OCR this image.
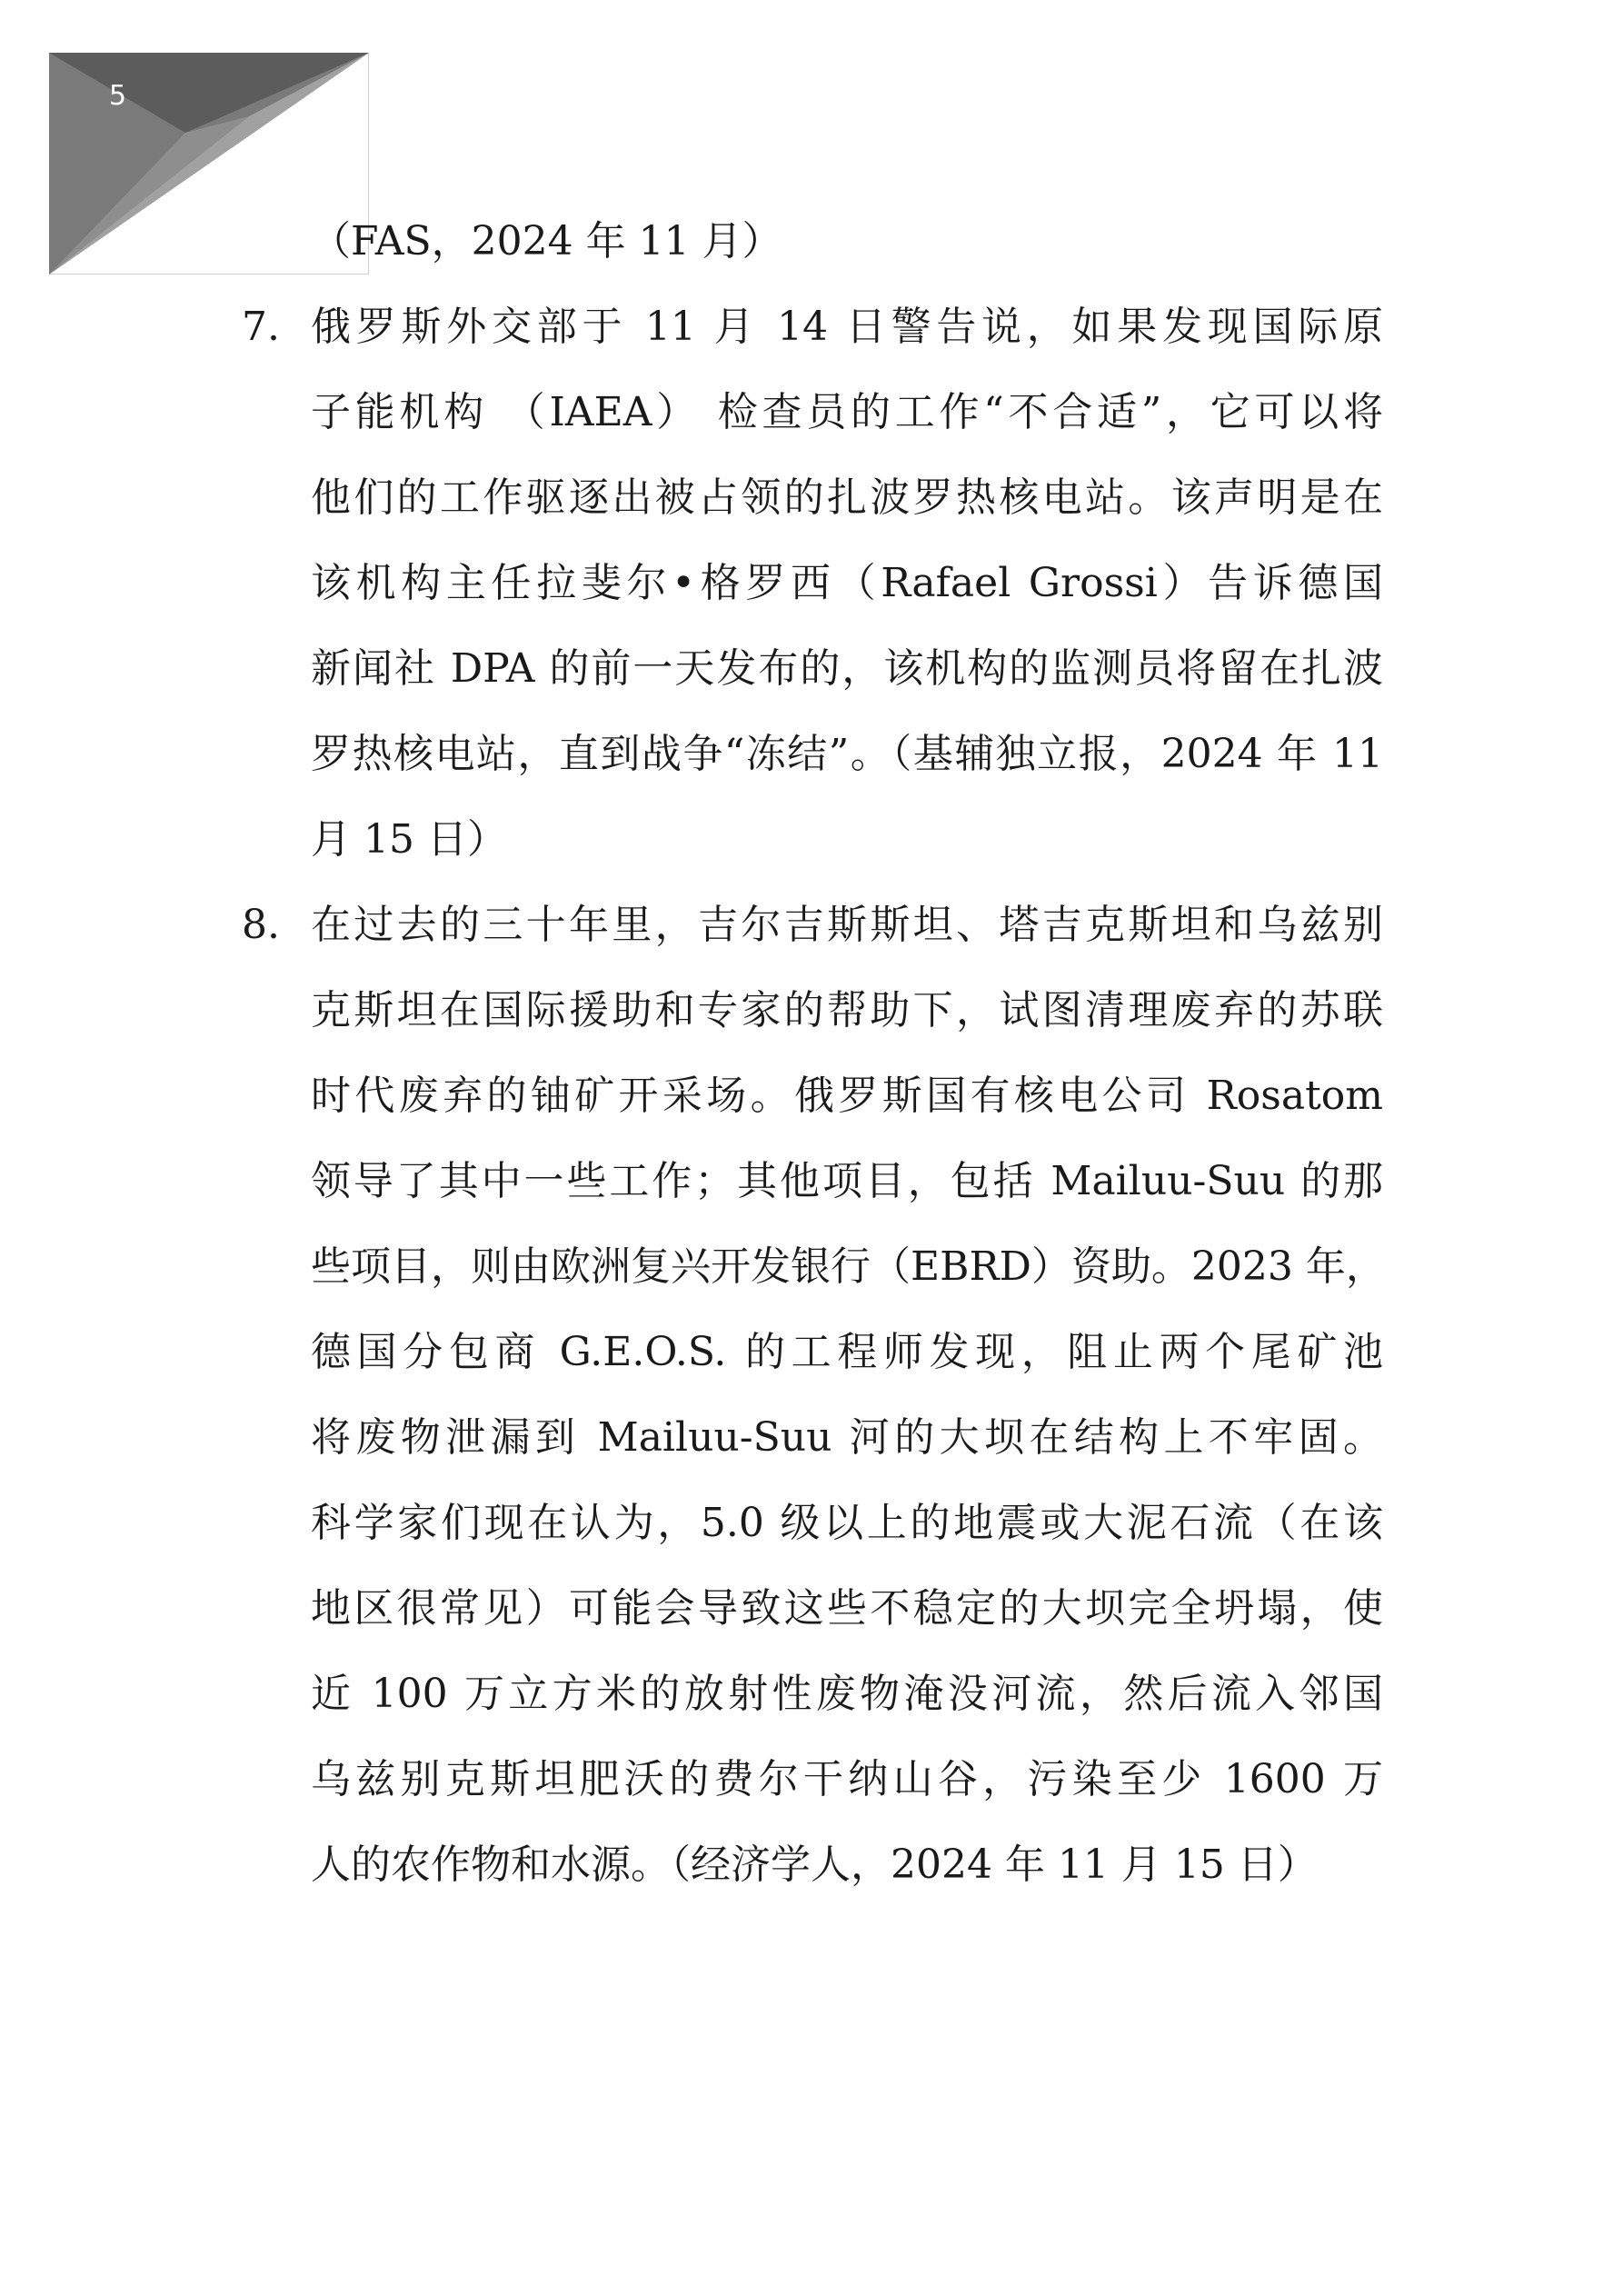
5
（FAS，2024 年 11 月）
7. 俄罗斯外交部于 11 月 14 日警告说，如果发现国际原
子能机构 （IAEA） 检查员的工作“不合适”，它可以将
他们的工作驱逐出被占领的扎波罗热核电站。该声明是在
该机构主任拉斐尔•格罗西（Rafael Grossi）告诉德国
新闻社 DPA 的前一天发布的，该机构的监测员将留在扎波
罗热核电站，直到战争“冻结”。（基辅独立报，2024 年 11
月 15 日）
8. 在过去的三十年里，吉尔吉斯斯坦、塔吉克斯坦和乌兹别
克斯坦在国际援助和专家的帮助下，试图清理废弃的苏联
时代废弃的铀矿开采场。俄罗斯国有核电公司 Rosatom
领导了其中一些工作；其他项目，包括 Mailuu-Suu 的那
些项目，则由欧洲复兴开发银行（EBRD）资助。2023 年，
德国分包商 G.E.O.S. 的工程师发现，阻止两个尾矿池
将废物泄漏到 Mailuu-Suu 河的大坝在结构上不牢固。
科学家们现在认为，5.0 级以上的地震或大泥石流（在该
地区很常见）可能会导致这些不稳定的大坝完全坍塌，使
近 100 万立方米的放射性废物淹没河流，然后流入邻国
乌兹别克斯坦肥沃的费尔干纳山谷，污染至少 1600 万
人的农作物和水源。（经济学人，2024 年 11 月 15 日）
